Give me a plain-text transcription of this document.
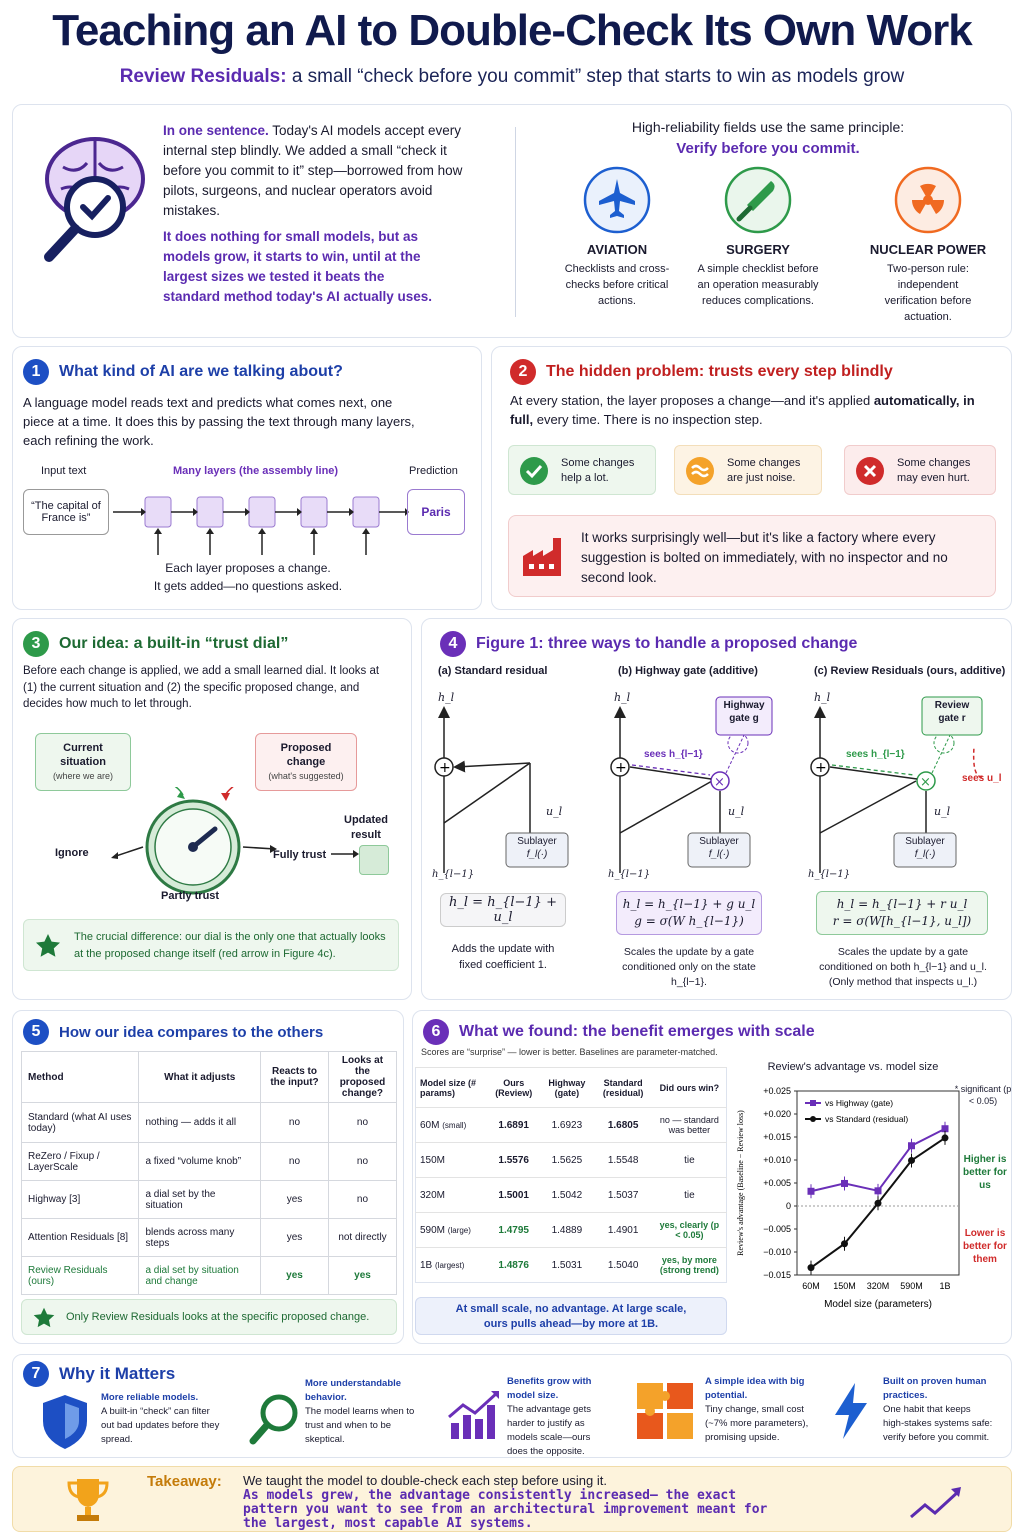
Teaching an AI to Double-Check Its Own Work
Review Residuals: a small “check before you commit” step that starts to win as models grow
In one sentence. Today's AI models accept every internal step blindly. We added a small “check it before you commit to it” step—borrowed from how pilots, surgeons, and nuclear operators avoid mistakes.
It does nothing for small models, but as models grow, it starts to win, until at the largest sizes we tested it beats the standard method today's AI actually uses.
High-reliability fields use the same principle:
Verify before you commit.
AVIATION
Checklists and cross-checks before critical actions.
SURGERY
A simple checklist before an operation measurably reduces complications.
NUCLEAR POWER
Two-person rule: independent verification before actuation.
1	What kind of AI are we talking about?
A language model reads text and predicts what comes next, one piece at a time. It does this by passing the text through many layers, each refining the work.
Input text	Many layers (the assembly line)	Prediction
“The capital of France is”	Paris
Each layer proposes a change.
It gets added—no questions asked.
2	The hidden problem: trusts every step blindly
At every station, the layer proposes a change—and it's applied automatically, in full, every time. There is no inspection step.
Some changes help a lot.
Some changes are just noise.
Some changes may even hurt.
It works surprisingly well—but it's like a factory where every suggestion is bolted on immediately, with no inspector and no second look.
3	Our idea: a built-in “trust dial”
Before each change is applied, we add a small learned dial. It looks at (1) the current situation and (2) the specific proposed change, and decides how much to let through.
Current situation
(where we are)
Proposed change
(what's suggested)
Ignore
Partly trust
Fully trust
Updated result
The crucial difference: our dial is the only one that actually looks at the proposed change itself (red arrow in Figure 4c).
4	Figure 1: three ways to handle a proposed change
(a) Standard residual	(b) Highway gate (additive)	(c) Review Residuals (ours, additive)
+	+
×
+
×
h_l	h_l	h_l
h_{l−1}	h_{l−1}	h_{l−1}
u_l	u_l	u_l
Sublayer
f_l(·)
Sublayer
f_l(·)
Sublayer
f_l(·)
Highway gate g
Review gate r
sees h_{l−1}	sees h_{l−1}
sees u_l
h_l = h_{l−1} + u_l
h_l = h_{l−1} + g u_l
g = σ(W h_{l−1})
h_l = h_{l−1} + r u_l
r = σ(W[h_{l−1}, u_l])
Adds the update with fixed coefficient 1.
Scales the update by a gate conditioned only on the state h_{l−1}.
Scales the update by a gate conditioned on both h_{l−1} and u_l. (Only method that inspects u_l.)
5	How our idea compares to the others
Method	What it adjusts	Reacts to the input?	Looks at the proposed change?
Standard (what AI uses today)	nothing — adds it all	no	no
ReZero / Fixup / LayerScale	a fixed “volume knob”	no	no
Highway [3]	a dial set by the situation	yes	no
Attention Residuals [8]	blends across many steps	yes	not directly
Review Residuals (ours)	a dial set by situation and change	yes	yes
Only Review Residuals looks at the specific proposed change.
6	What we found: the benefit emerges with scale
Scores are “surprise” — lower is better. Baselines are parameter-matched.
Model size (# params)	Ours (Review)	Highway (gate)	Standard (residual)	Did ours win?
60M (small)	1.6891	1.6923	1.6805	no — standard was better
150M	1.5576	1.5625	1.5548	tie
320M	1.5001	1.5042	1.5037	tie
590M (large)	1.4795	1.4889	1.4901	yes, clearly (p < 0.05)
1B (largest)	1.4876	1.5031	1.5040	yes, by more (strong trend)
At small scale, no advantage. At large scale, ours pulls ahead—by more at 1B.
Review's advantage vs. model size
+0.025
+0.020
+0.015
+0.010
+0.005
0
−0.005
−0.010
−0.015
60M 150M 320M 590M 1B
Model size (parameters)
Review's advantage (Baseline − Review loss)
vs Highway (gate)
vs Standard (residual)
* significant (p < 0.05)
Higher is better for us
Lower is better for them
7	Why it Matters
More reliable models.
A built-in “check” can filter out bad updates before they spread.
More understandable behavior.
The model learns when to trust and when to be skeptical.
Benefits grow with model size.
The advantage gets harder to justify as models scale—ours does the opposite.
A simple idea with big potential.
Tiny change, small cost (~7% more parameters), promising upside.
Built on proven human practices.
One habit that keeps high-stakes systems safe: verify before you commit.
Takeaway: We taught the model to double-check each step before using it.
As models grew, the advantage consistently increased— the exact pattern you want to see from an architectural improvement meant for the largest, most capable AI systems.
